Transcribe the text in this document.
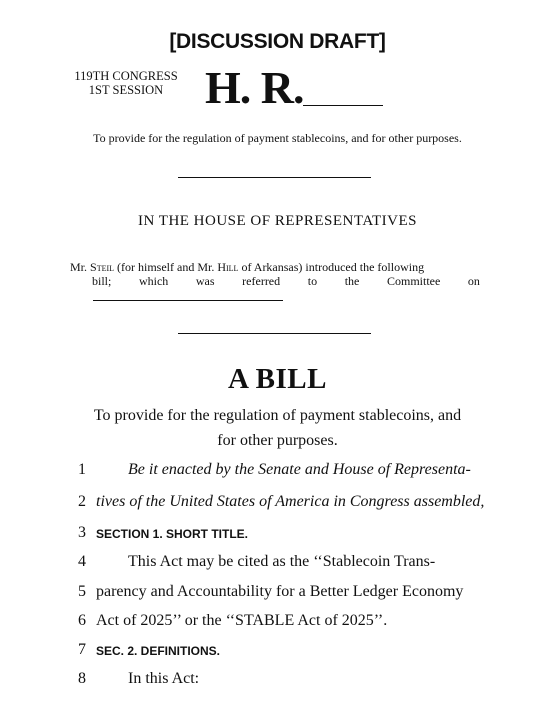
[DISCUSSION DRAFT]
119TH CONGRESS
1ST SESSION H. R.
To provide for the regulation of payment stablecoins, and for other purposes.
IN THE HOUSE OF REPRESENTATIVES
Mr. Steil (for himself and Mr. Hill of Arkansas) introduced the following
bill; which was referred to the Committee on
A BILL
To provide for the regulation of payment stablecoins, and
for other purposes.
1	Be it enacted by the Senate and House of Representa-
2 tives of the United States of America in Congress assembled,
3 SECTION 1. SHORT TITLE.
4	This Act may be cited as the ‘‘Stablecoin Trans-
5 parency and Accountability for a Better Ledger Economy
6 Act of 2025’’ or the ‘‘STABLE Act of 2025’’.
7 SEC. 2. DEFINITIONS.
8	In this Act:
